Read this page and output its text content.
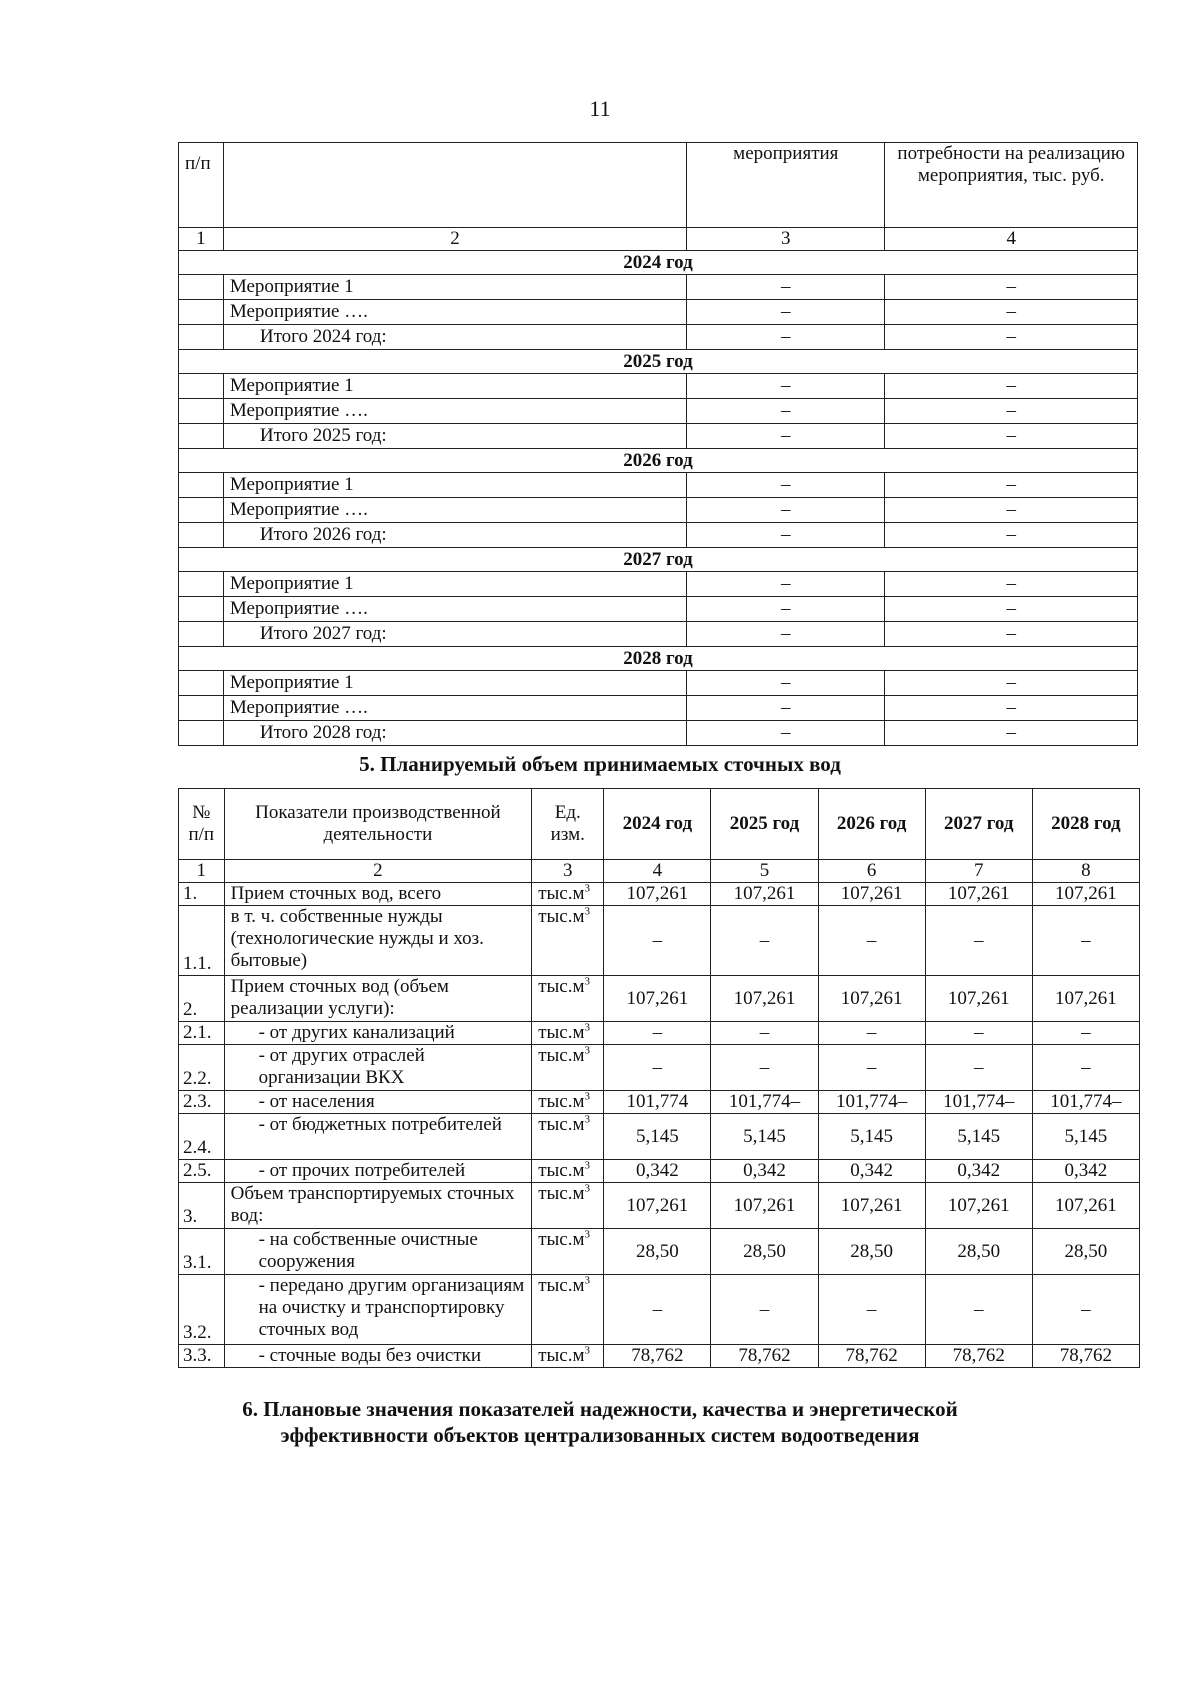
11
п/п		мероприятия	потребности на реализацию мероприятия, тыс. руб.
1	2	3	4
2024 год			
	Мероприятие 1	–	–
	Мероприятие ….	–	–
	Итого 2024 год:	–	–
2025 год			
	Мероприятие 1	–	–
	Мероприятие ….	–	–
	Итого 2025 год:	–	–
2026 год			
	Мероприятие 1	–	–
	Мероприятие ….	–	–
	Итого 2026 год:	–	–
2027 год			
	Мероприятие 1	–	–
	Мероприятие ….	–	–
	Итого 2027 год:	–	–
2028 год			
	Мероприятие 1	–	–
	Мероприятие ….	–	–
	Итого 2028 год:	–	–
5. Планируемый объем принимаемых сточных вод
№ п/п	Показатели производственной деятельности	Ед. изм.	2024 год	2025 год	2026 год	2027 год	2028 год
1	2	3	4	5	6	7	8
1.	Прием сточных вод, всего	$тыс.м^3$	107,261	107,261	107,261	107,261	107,261
1.1.	в т. ч. собственные нужды (технологические нужды и хоз. бытовые)	$тыс.м^3$	–	–	–	–	–
2.	Прием сточных вод (объем реализации услуги):	$тыс.м^3$	107,261	107,261	107,261	107,261	107,261
2.1.	- от других канализаций	$тыс.м^3$	–	–	–	–	–
2.2.	- от других отраслей организации ВКХ	$тыс.м^3$	–	–	–	–	–
2.3.	- от населения	$тыс.м^3$	101,774	101,774–	101,774–	101,774–	101,774–
2.4.	- от бюджетных потребителей	$тыс.м^3$	5,145	5,145	5,145	5,145	5,145
2.5.	- от прочих потребителей	$тыс.м^3$	0,342	0,342	0,342	0,342	0,342
3.	Объем транспортируемых сточных вод:	$тыс.м^3$	107,261	107,261	107,261	107,261	107,261
3.1.	- на собственные очистные сооружения	$тыс.м^3$	28,50	28,50	28,50	28,50	28,50
3.2.	- передано другим организациям на очистку и транспортировку сточных вод	$тыс.м^3$	–	–	–	–	–
3.3.	- сточные воды без очистки	$тыс.м^3$	78,762	78,762	78,762	78,762	78,762
6. Плановые значения показателей надежности, качества и энергетической
эффективности объектов централизованных систем водоотведения
